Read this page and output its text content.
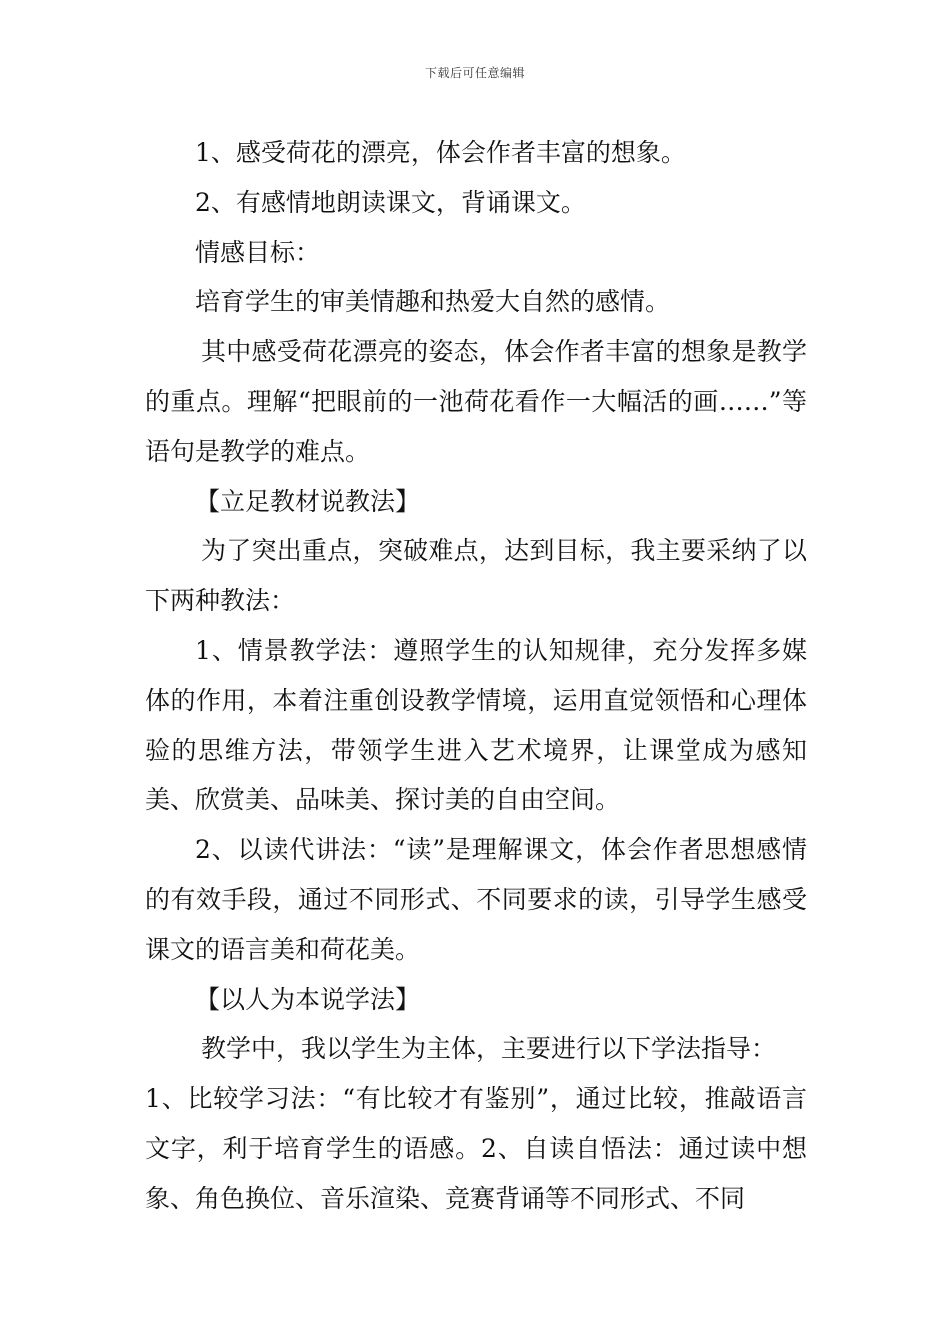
下载后可任意编辑

1、感受荷花的漂亮，体会作者丰富的想象。

2、有感情地朗读课文，背诵课文。

情感目标：

培育学生的审美情趣和热爱大自然的感情。

其中感受荷花漂亮的姿态，体会作者丰富的想象是教学的重点。理解“把眼前的一池荷花看作一大幅活的画……”等语句是教学的难点。

【立足教材说教法】

为了突出重点，突破难点，达到目标，我主要采纳了以下两种教法：

1、情景教学法：遵照学生的认知规律，充分发挥多媒体的作用，本着注重创设教学情境，运用直觉领悟和心理体验的思维方法，带领学生进入艺术境界，让课堂成为感知美、欣赏美、品味美、探讨美的自由空间。

2、以读代讲法：“读”是理解课文，体会作者思想感情的有效手段，通过不同形式、不同要求的读，引导学生感受课文的语言美和荷花美。

【以人为本说学法】

教学中，我以学生为主体，主要进行以下学法指导：

1、比较学习法：“有比较才有鉴别”，通过比较，推敲语言文字，利于培育学生的语感。2、自读自悟法：通过读中想象、角色换位、音乐渲染、竞赛背诵等不同形式、不同
